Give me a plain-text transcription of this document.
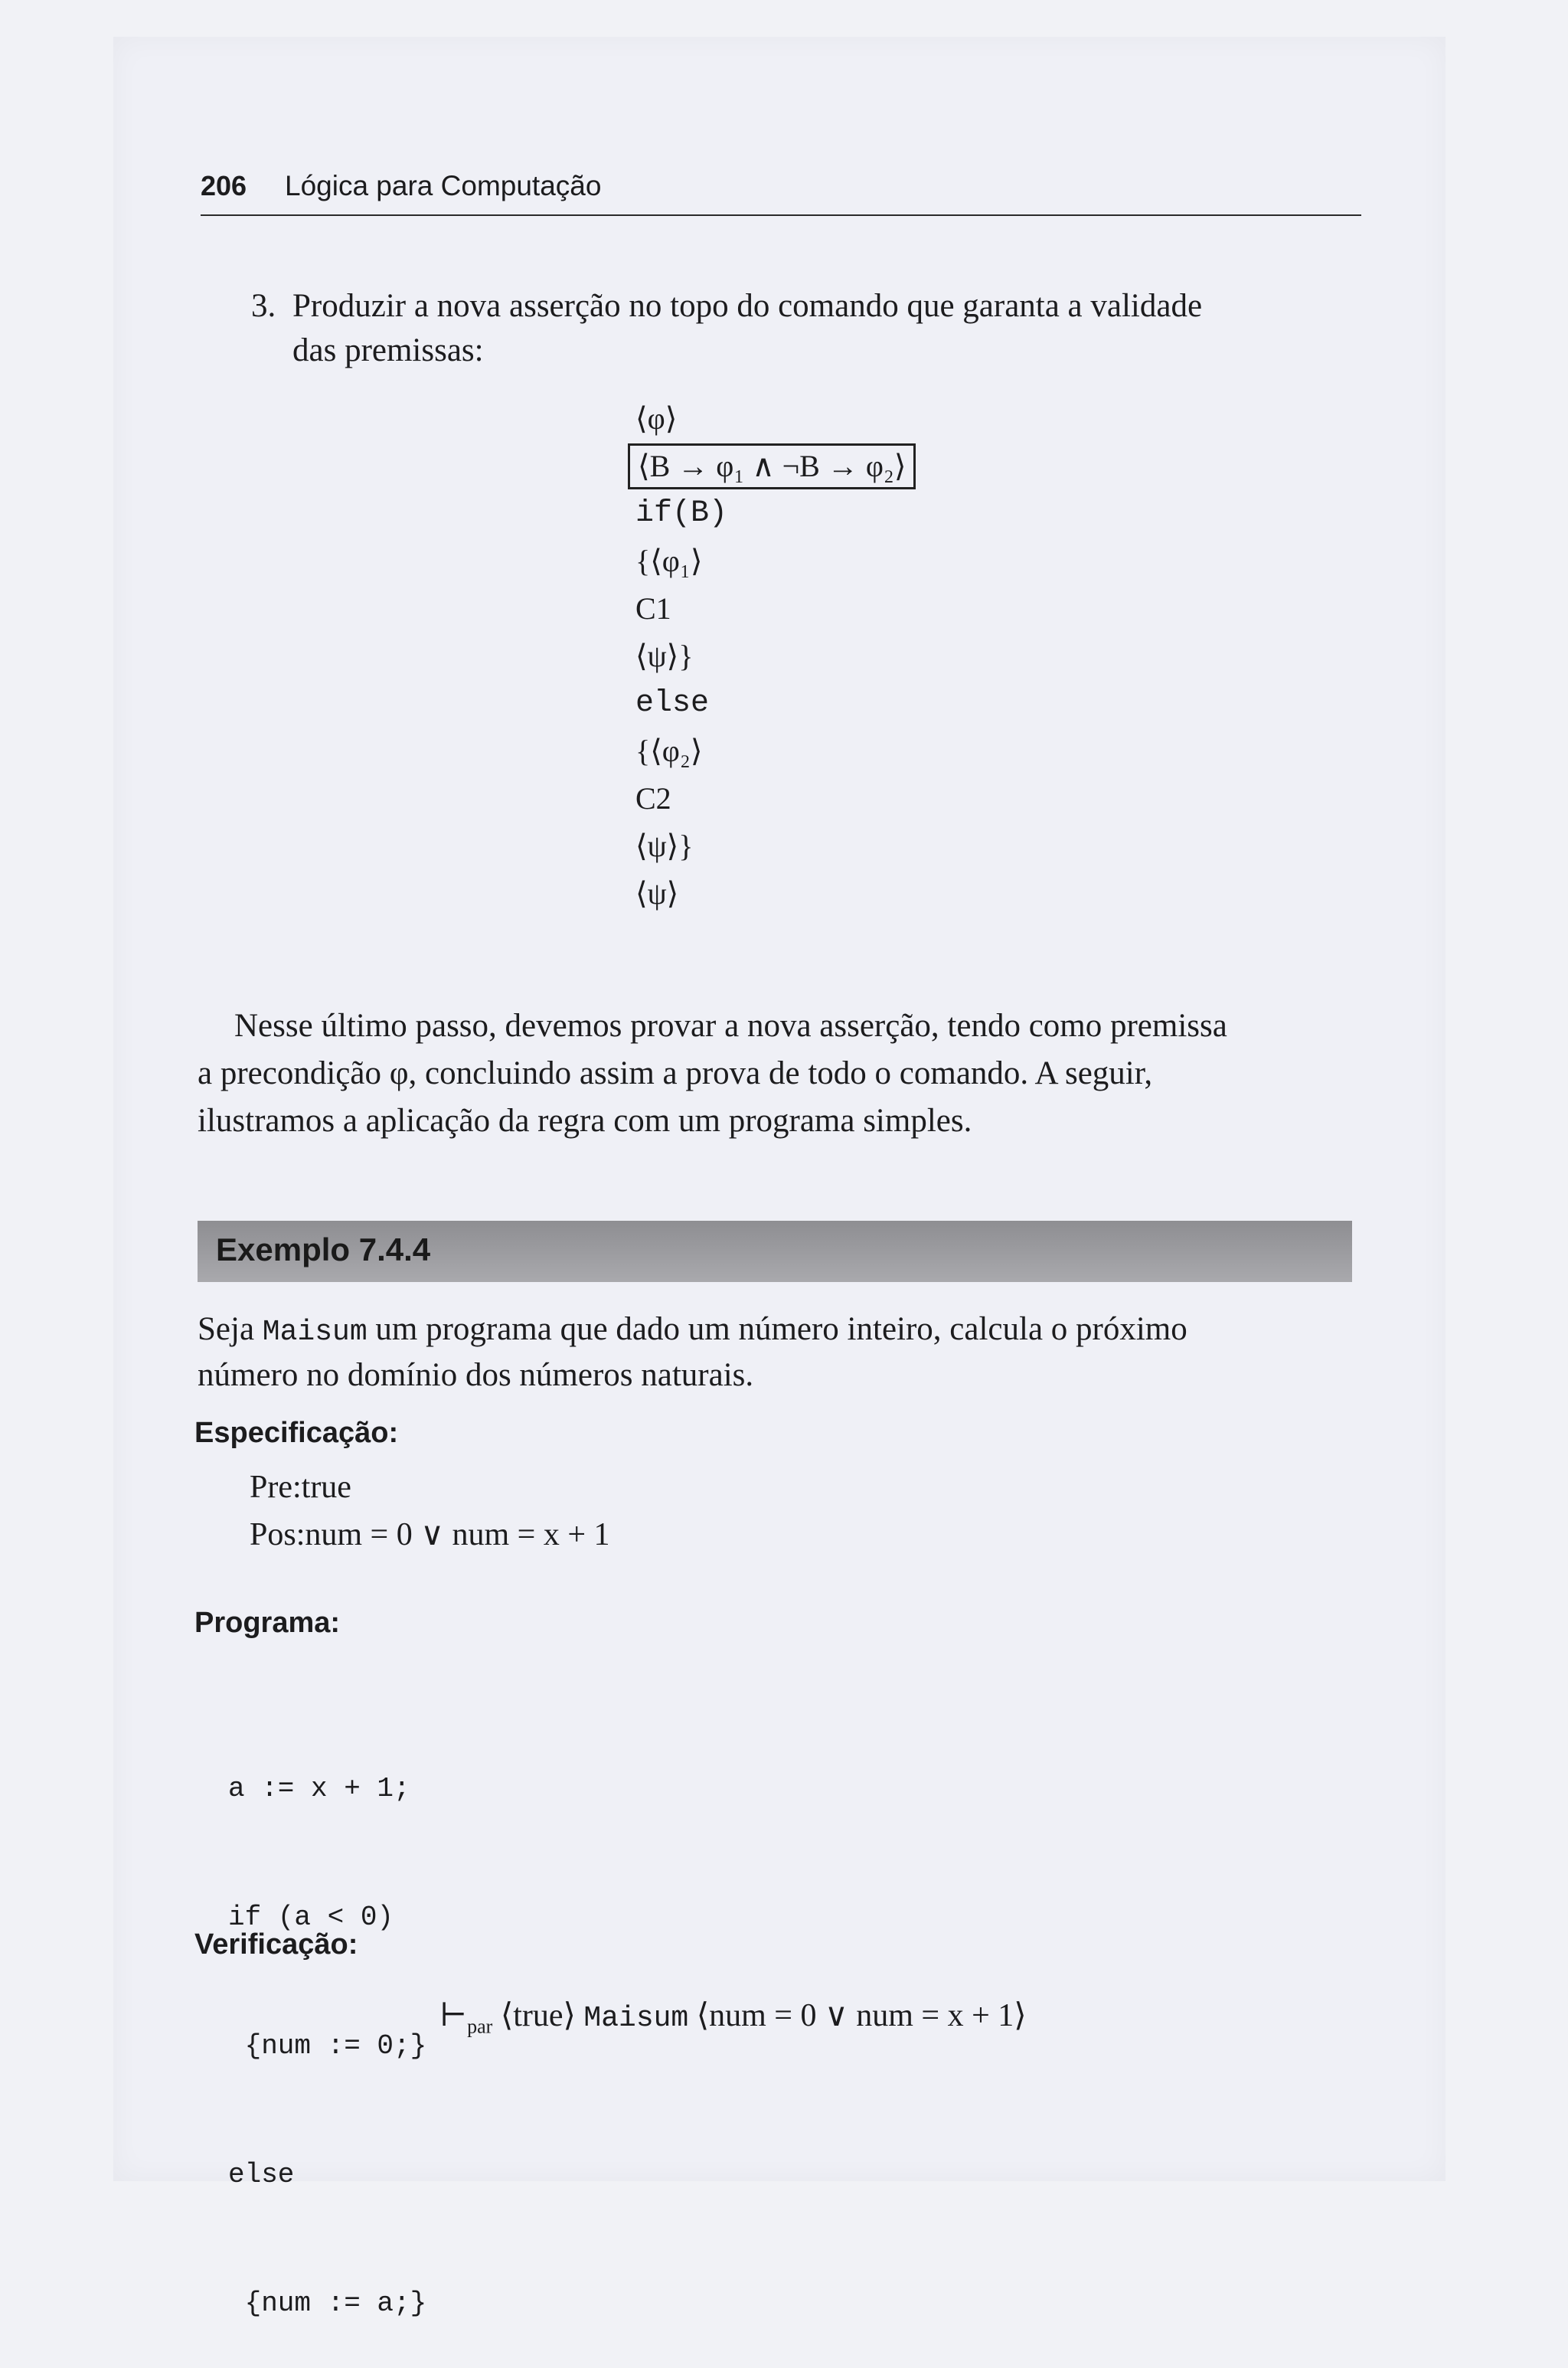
206 Lógica para Computação
3. Produzir a nova asserção no topo do comando que garanta a validade
das premissas:
⟨φ⟩
⟨B → φ₁ ∧ ¬B → φ₂⟩
if(B)
{⟨φ₁⟩
C1
⟨ψ⟩}
else
{⟨φ₂⟩
C2
⟨ψ⟩}
⟨ψ⟩
Nesse último passo, devemos provar a nova asserção, tendo como premissa
a precondição φ, concluindo assim a prova de todo o comando. A seguir,
ilustramos a aplicação da regra com um programa simples.
Exemplo 7.4.4
Seja Maisum um programa que dado um número inteiro, calcula o próximo
número no domínio dos números naturais.
Especificação:
Pre:true
Pos:num = 0 ∨ num = x + 1
Programa:

a := x + 1;

if (a < 0)

{num := 0;}

else

{num := a;}

Verificação:
$⊢_{par}$ ⟨true⟩ Maisum ⟨num = 0 ∨ num = x + 1⟩
